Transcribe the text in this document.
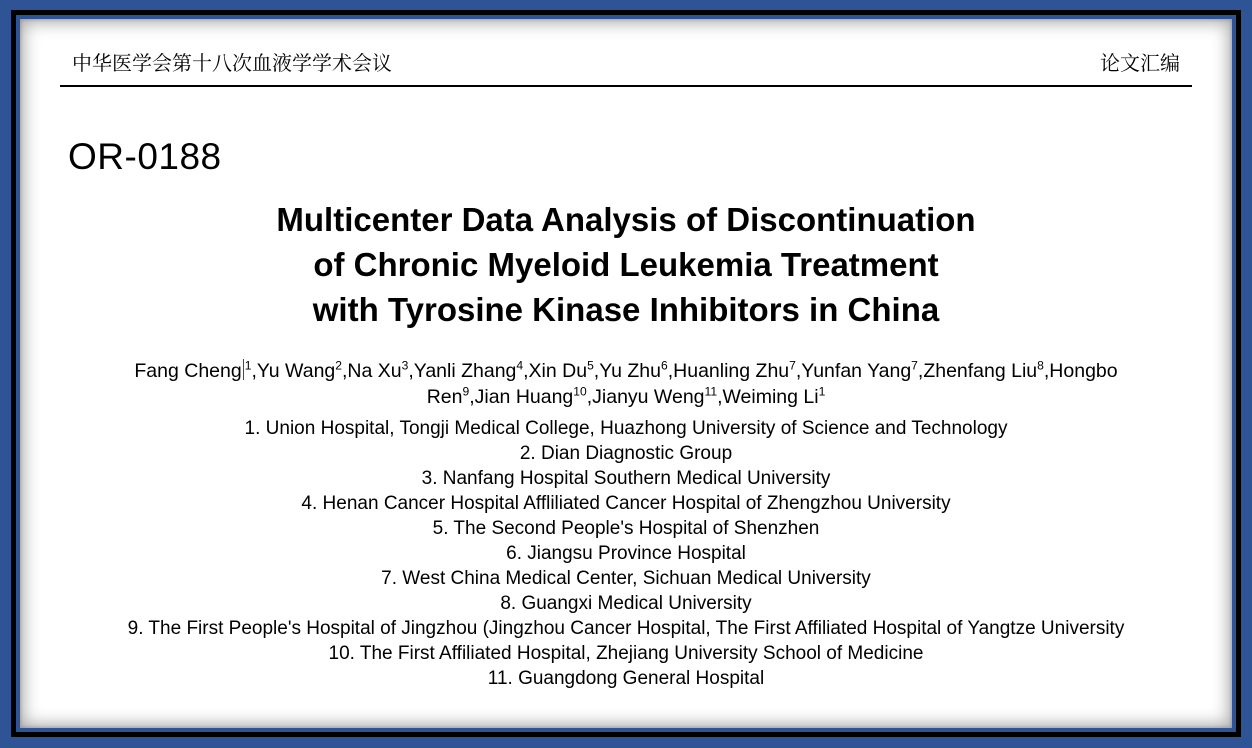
中华医学会第十八次血液学学术会议	论文汇编
OR-0188
Multicenter Data Analysis of Discontinuation
of Chronic Myeloid Leukemia Treatment
with Tyrosine Kinase Inhibitors in China
Fang Cheng $^1$,Yu Wang$^2$,Na Xu$^3$,Yanli Zhang$^4$,Xin Du$^5$,Yu Zhu$^6$,Huanling Zhu$^7$,Yunfan Yang$^7$,Zhenfang Liu$^8$,Hongbo Ren$^9$,Jian Huang$^{10}$,Jianyu Weng$^{11}$,Weiming Li$^1$
1. Union Hospital, Tongji Medical College, Huazhong University of Science and Technology
2. Dian Diagnostic Group
3. Nanfang Hospital Southern Medical University
4. Henan Cancer Hospital Affliliated Cancer Hospital of Zhengzhou University
5. The Second People's Hospital of Shenzhen
6. Jiangsu Province Hospital
7. West China Medical Center, Sichuan Medical University
8. Guangxi Medical University
9. The First People's Hospital of Jingzhou (Jingzhou Cancer Hospital, The First Affiliated Hospital of Yangtze University
10. The First Affiliated Hospital, Zhejiang University School of Medicine
11. Guangdong General Hospital
